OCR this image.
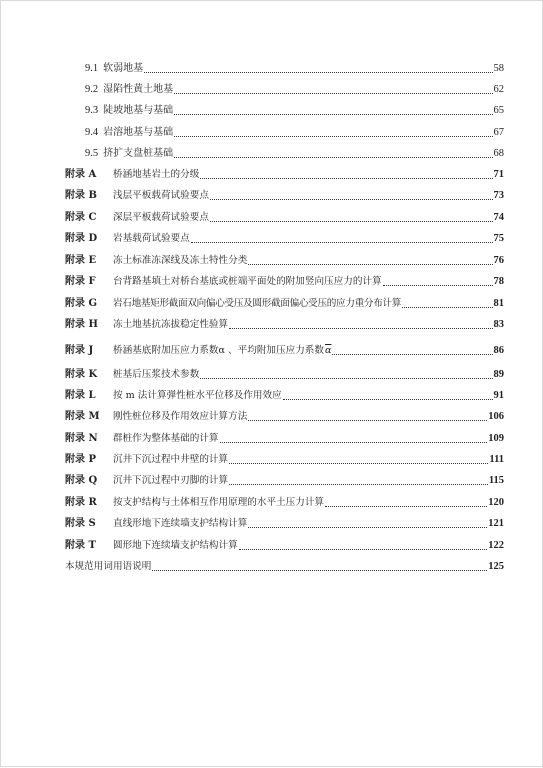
9.1 软弱地基	58
9.2 湿陷性黄土地基	62
9.3 陡坡地基与基础	65
9.4 岩溶地基与基础	67
9.5 挤扩支盘桩基础	68
附录 A	桥涵地基岩土的分级	71
附录 B	浅层平板载荷试验要点	73
附录 C	深层平板载荷试验要点	74
附录 D	岩基载荷试验要点	75
附录 E	冻土标准冻深线及冻土特性分类	76
附录 F	台背路基填土对桥台基底或桩端平面处的附加竖向压应力的计算	78
附录 G	岩石地基矩形截面双向偏心受压及圆形截面偏心受压的应力重分布计算	81
附录 H	冻土地基抗冻拔稳定性验算	83
附录 J	桥涵基底附加压应力系数α 、平均附加压应力系数 $\overline{\alpha}$	86
附录 K	桩基后压浆技术参数	89
附录 L	按 m 法计算弹性桩水平位移及作用效应	91
附录 M	刚性桩位移及作用效应计算方法	106
附录 N	群桩作为整体基础的计算	109
附录 P	沉井下沉过程中井壁的计算	111
附录 Q	沉井下沉过程中刃脚的计算	115
附录 R	按支护结构与土体相互作用原理的水平土压力计算	120
附录 S	直线形地下连续墙支护结构计算	121
附录 T	圆形地下连续墙支护结构计算	122
本规范用词用语说明	125
